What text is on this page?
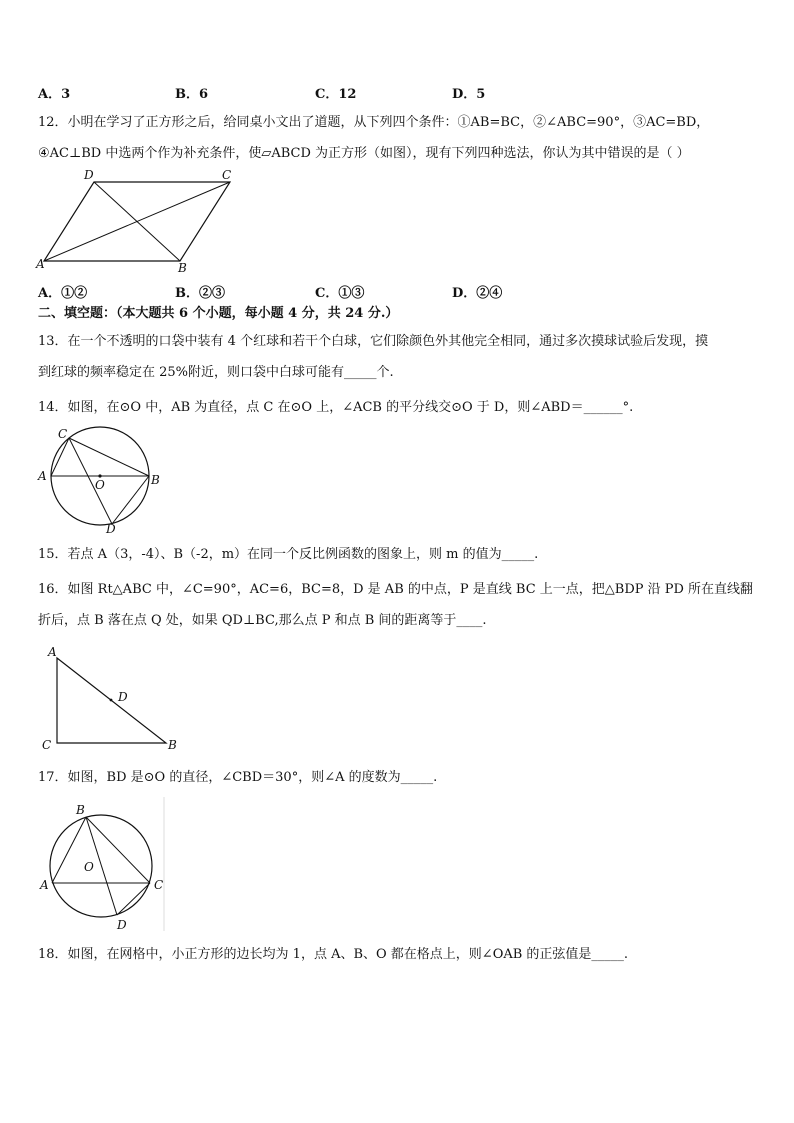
A．3	B．6	C．12	D．5
12．小明在学习了正方形之后，给同桌小文出了道题，从下列四个条件：①AB=BC，②∠ABC=90°，③AC=BD，
④AC⊥BD 中选两个作为补充条件，使▱ABCD 为正方形（如图），现有下列四种选法，你认为其中错误的是（ ）
A	B
C
D
A．①②	B．②③	C．①③	D．②④
二、填空题：（本大题共 6 个小题，每小题 4 分，共 24 分.）
13．在一个不透明的口袋中装有 4 个红球和若干个白球，它们除颜色外其他完全相同，通过多次摸球试验后发现，摸
到红球的频率稳定在 25%附近，则口袋中白球可能有_____个.
14．如图，在⊙O 中，AB 为直径，点 C 在⊙O 上，∠ACB 的平分线交⊙O 于 D，则∠ABD＝______°.
A	B
C
D
O
15．若点 A（3，-4）、B（-2，m）在同一个反比例函数的图象上，则 m 的值为_____.
16．如图 Rt△ABC 中，∠C=90°，AC=6，BC=8，D 是 AB 的中点，P 是直线 BC 上一点，把△BDP 沿 PD 所在直线翻
折后，点 B 落在点 Q 处，如果 QD⊥BC,那么点 P 和点 B 间的距离等于____.
A
B
C
D
17．如图，BD 是⊙O 的直径，∠CBD＝30°，则∠A 的度数为_____.
A
B
C
D
O
18．如图，在网格中，小正方形的边长均为 1，点 A、B、O 都在格点上，则∠OAB 的正弦值是_____.
